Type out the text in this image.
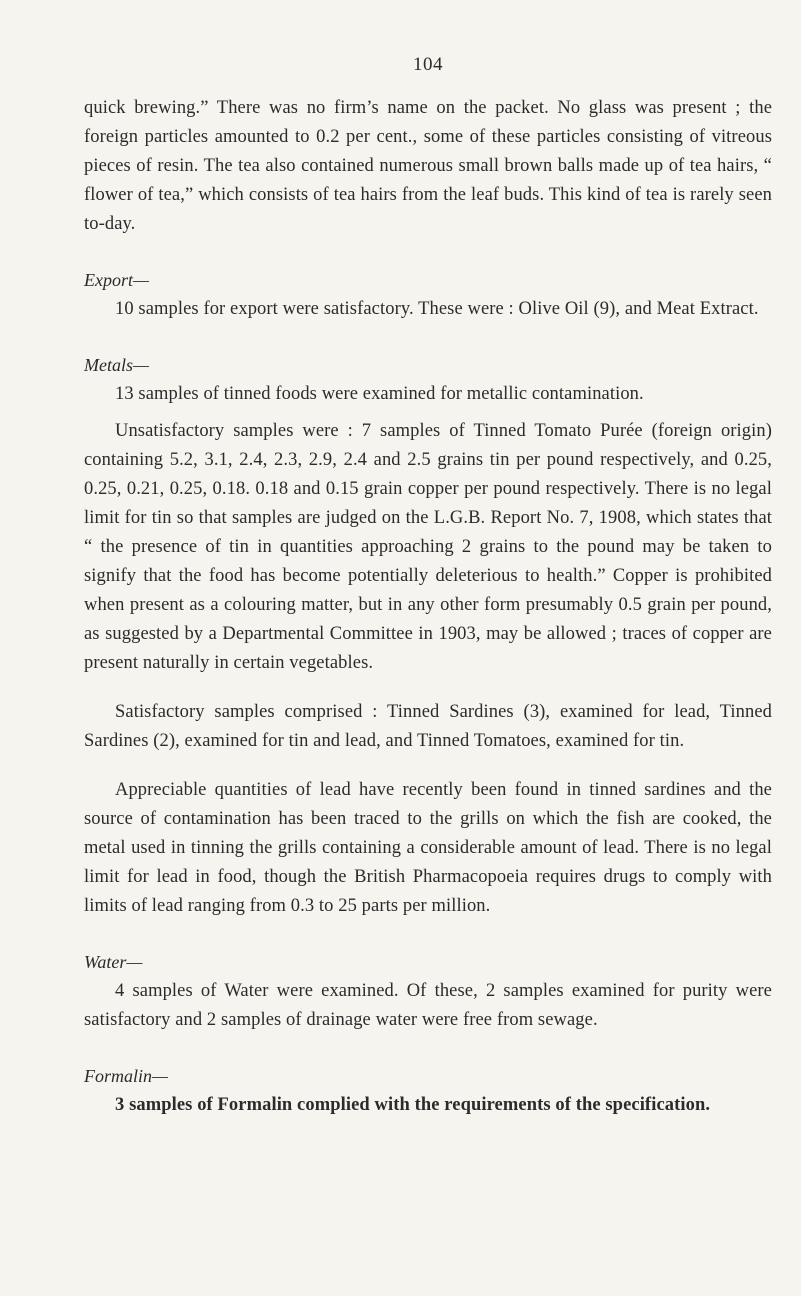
104

quick brewing.” There was no firm’s name on the packet. No glass was present ; the foreign particles amounted to 0.2 per cent., some of these particles consisting of vitreous pieces of resin. The tea also contained numerous small brown balls made up of tea hairs, “ flower of tea,” which consists of tea hairs from the leaf buds. This kind of tea is rarely seen to-day.

Export—

10 samples for export were satisfactory. These were : Olive Oil (9), and Meat Extract.

Metals—

13 samples of tinned foods were examined for metallic contamination.

Unsatisfactory samples were : 7 samples of Tinned Tomato Purée (foreign origin) containing 5.2, 3.1, 2.4, 2.3, 2.9, 2.4 and 2.5 grains tin per pound respectively, and 0.25, 0.25, 0.21, 0.25, 0.18. 0.18 and 0.15 grain copper per pound respectively. There is no legal limit for tin so that samples are judged on the L.G.B. Report No. 7, 1908, which states that “ the presence of tin in quantities approaching 2 grains to the pound may be taken to signify that the food has become potentially deleterious to health.” Copper is prohibited when present as a colouring matter, but in any other form presumably 0.5 grain per pound, as suggested by a Departmental Committee in 1903, may be allowed ; traces of copper are present naturally in certain vegetables.

Satisfactory samples comprised : Tinned Sardines (3), examined for lead, Tinned Sardines (2), examined for tin and lead, and Tinned Tomatoes, examined for tin.

Appreciable quantities of lead have recently been found in tinned sardines and the source of contamination has been traced to the grills on which the fish are cooked, the metal used in tinning the grills containing a considerable amount of lead. There is no legal limit for lead in food, though the British Pharmacopoeia requires drugs to comply with limits of lead ranging from 0.3 to 25 parts per million.

Water—

4 samples of Water were examined. Of these, 2 samples examined for purity were satisfactory and 2 samples of drainage water were free from sewage.

Formalin—

3 samples of Formalin complied with the requirements of the specification.
